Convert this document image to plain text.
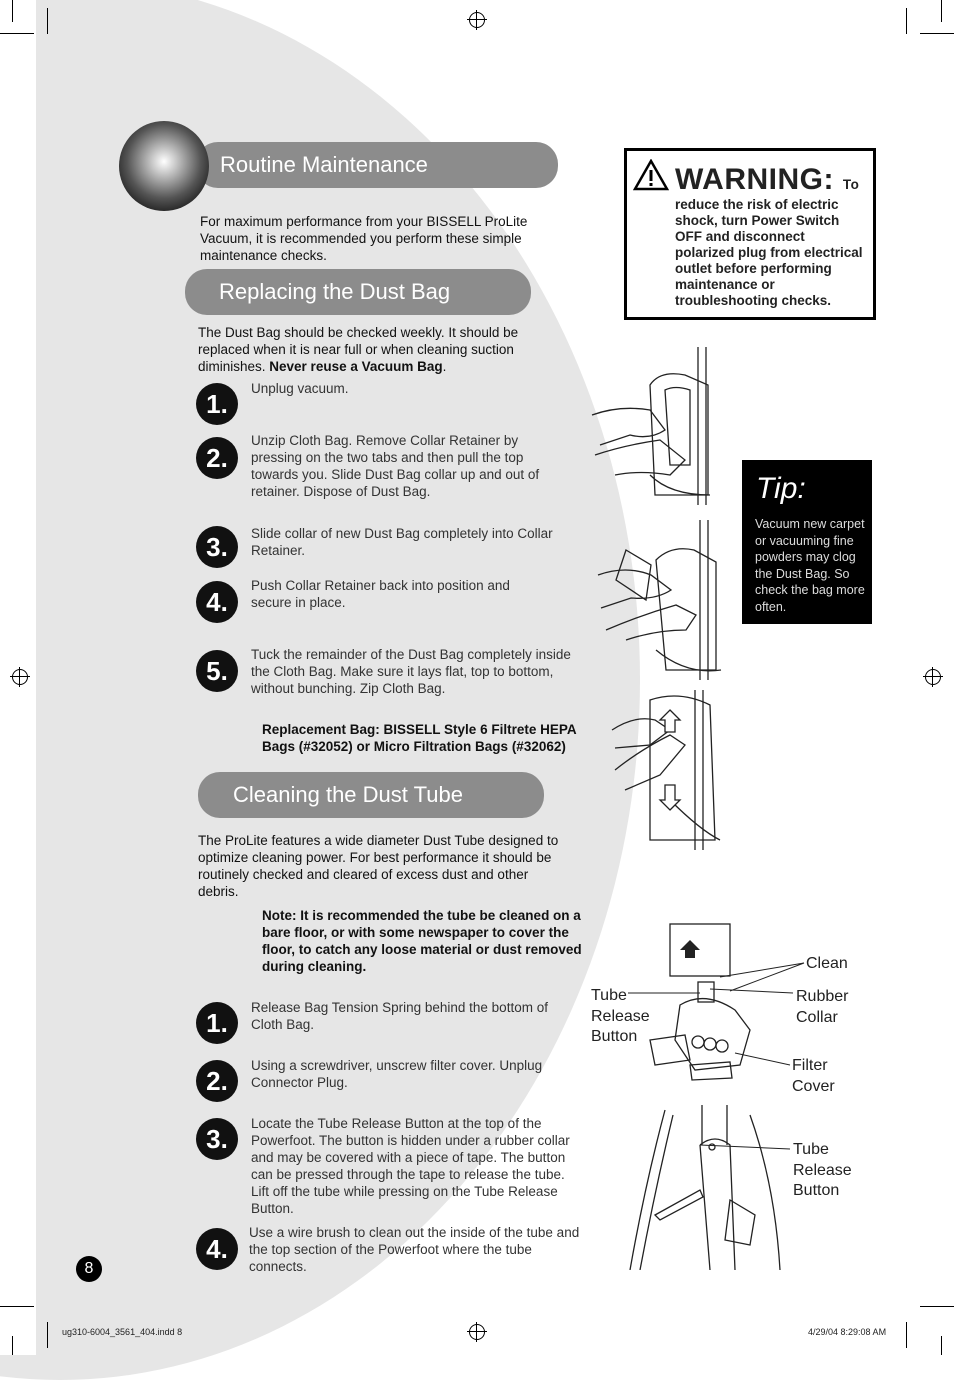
Routine Maintenance
For maximum performance from your BISSELL ProLite Vacuum, it is recommended you perform these simple maintenance checks.
Replacing the Dust Bag
The Dust Bag should be checked weekly. It should be replaced when it is near full or when cleaning suction diminishes. Never reuse a Vacuum Bag.
1.
Unplug vacuum.
2.
Unzip Cloth Bag. Remove Collar Retainer by pressing on the two tabs and then pull the top towards you. Slide Dust Bag collar up and out of retainer. Dispose of Dust Bag.
3.	Slide collar of new Dust Bag completely into Collar Retainer.
4.
Push Collar Retainer back into position and secure in place.
5.
Tuck the remainder of the Dust Bag completely inside the Cloth Bag. Make sure it lays flat, top to bottom, without bunching. Zip Cloth Bag.
Replacement Bag: BISSELL Style 6 Filtrete HEPA Bags (#32052) or Micro Filtration Bags (#32062)
Cleaning the Dust Tube
The ProLite features a wide diameter Dust Tube designed to optimize cleaning power. For best performance it should be routinely checked and cleared of excess dust and other debris.
Note: It is recommended the tube be cleaned on a bare floor, or with some newspaper to cover the floor, to catch any loose material or dust removed during cleaning.
1.
Release Bag Tension Spring behind the bottom of Cloth Bag.
2.
Using a screwdriver, unscrew filter cover. Unplug Connector Plug.
3.
Locate the Tube Release Button at the top of the Powerfoot. The button is hidden under a rubber collar and may be covered with a piece of tape. The button can be pressed through the tape to release the tube. Lift off the tube while pressing on the Tube Release Button.
4.
Use a wire brush to clean out the inside of the tube and the top section of the Powerfoot where the tube connects.
WARNING: To
reduce the risk of electric shock, turn Power Switch OFF and disconnect polarized plug from electrical outlet before performing maintenance or troubleshooting checks.
Tip:
Vacuum new carpet or vacuuming fine powders may clog the Dust Bag. So check the bag more often.
Clean
Tube
Release
Button
Rubber
Collar
Filter
Cover
Tube
Release
Button
8
ug310-6004_3561_404.indd 8	4/29/04 8:29:08 AM
